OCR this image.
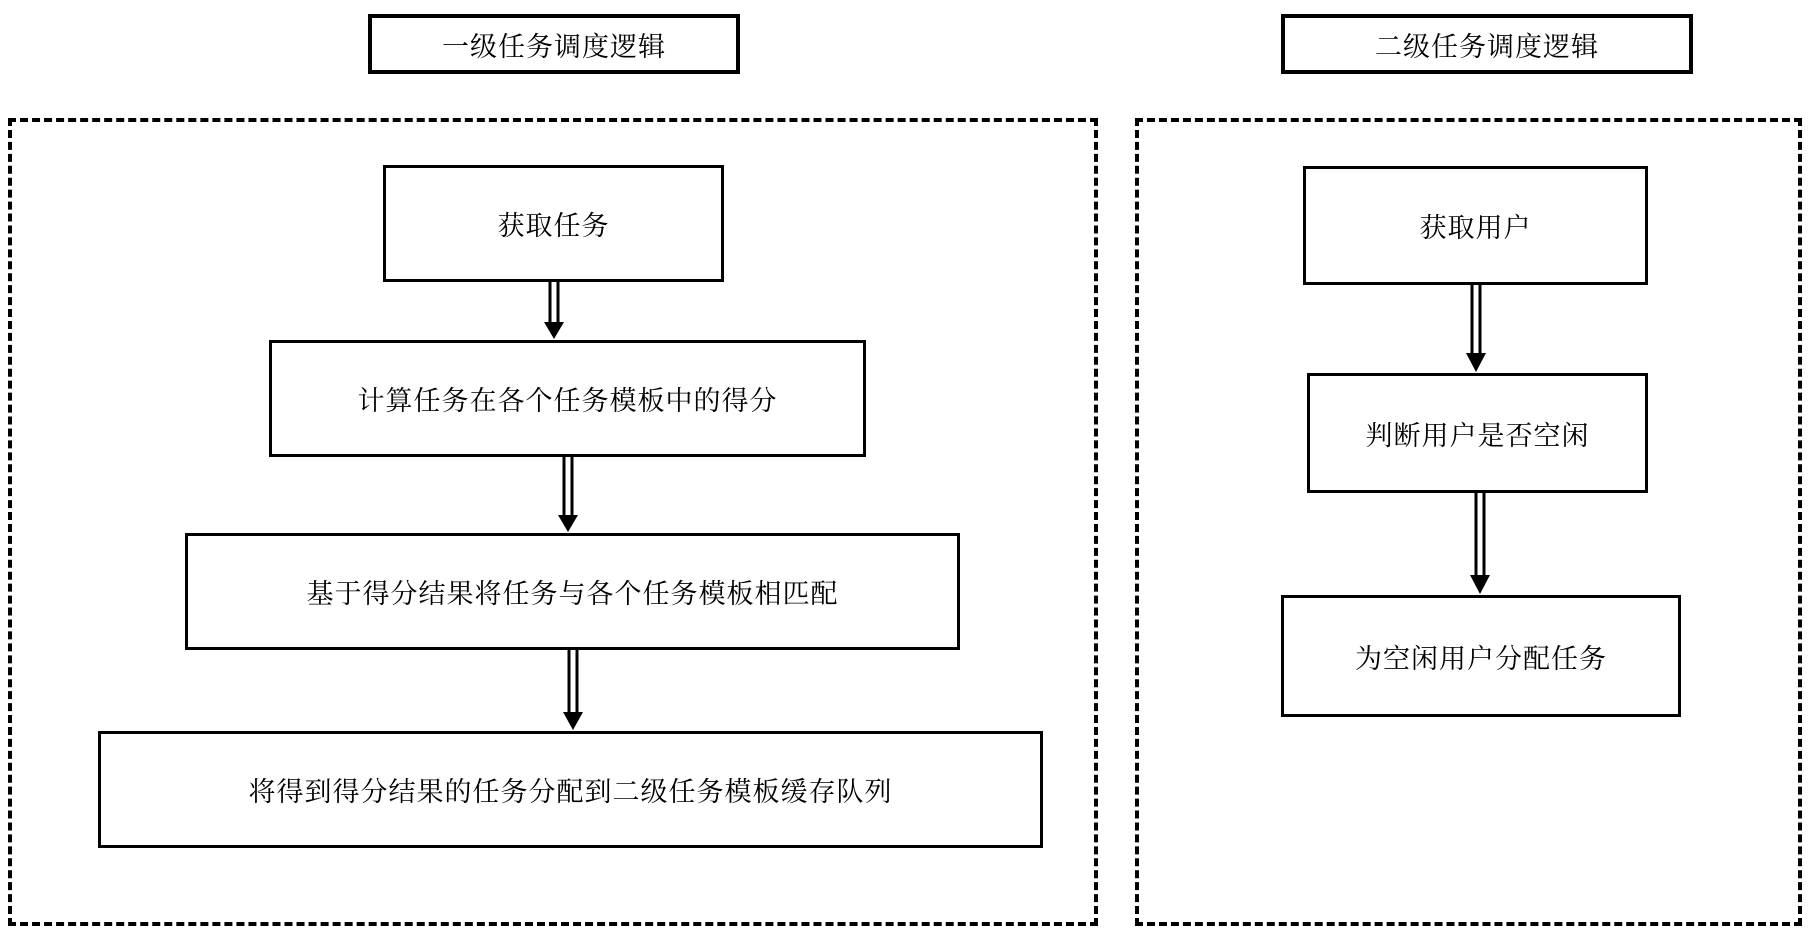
一级任务调度逻辑	二级任务调度逻辑
获取任务
计算任务在各个任务模板中的得分
基于得分结果将任务与各个任务模板相匹配
将得到得分结果的任务分配到二级任务模板缓存队列
获取用户
判断用户是否空闲
为空闲用户分配任务
